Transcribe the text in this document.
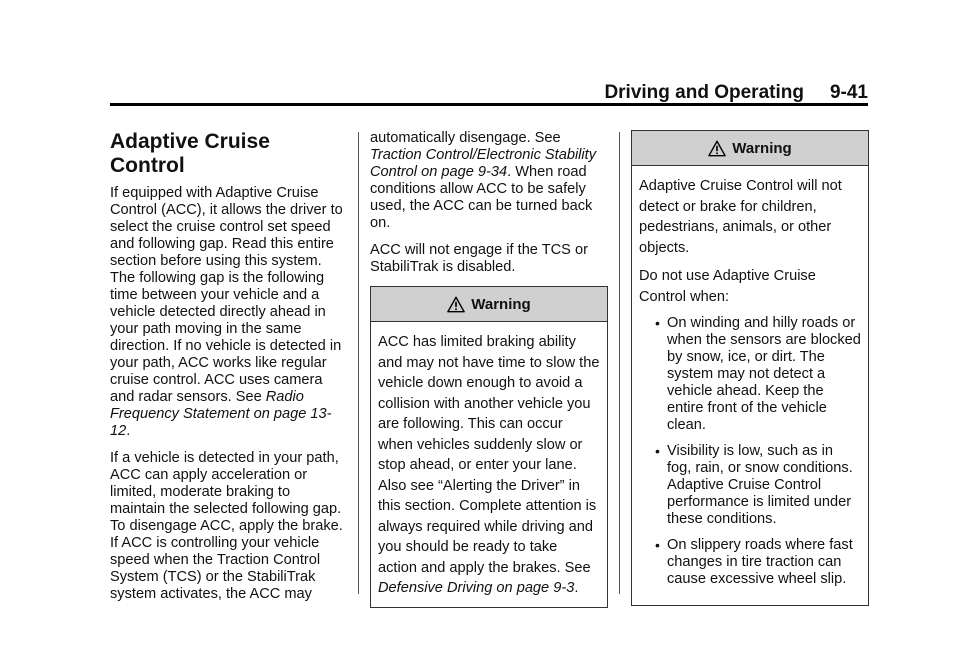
Driving and Operating 9-41
Adaptive Cruise Control

If equipped with Adaptive Cruise Control (ACC), it allows the driver to select the cruise control set speed and following gap. Read this entire section before using this system. The following gap is the following time between your vehicle and a vehicle detected directly ahead in your path moving in the same direction. If no vehicle is detected in your path, ACC works like regular cruise control. ACC uses camera and radar sensors. See Radio Frequency Statement on page 13-12.

If a vehicle is detected in your path, ACC can apply acceleration or limited, moderate braking to maintain the selected following gap. To disengage ACC, apply the brake. If ACC is controlling your vehicle speed when the Traction Control System (TCS) or the StabiliTrak system activates, the ACC may

automatically disengage. See Traction Control/Electronic Stability Control on page 9-34. When road conditions allow ACC to be safely used, the ACC can be turned back on.

ACC will not engage if the TCS or StabiliTrak is disabled.

Warning
ACC has limited braking ability and may not have time to slow the vehicle down enough to avoid a collision with another vehicle you are following. This can occur when vehicles suddenly slow or stop ahead, or enter your lane. Also see “Alerting the Driver” in this section. Complete attention is always required while driving and you should be ready to take action and apply the brakes. See Defensive Driving on page 9-3.
Warning

Adaptive Cruise Control will not detect or brake for children, pedestrians, animals, or other objects.

Do not use Adaptive Cruise Control when:

• On winding and hilly roads or when the sensors are blocked by snow, ice, or dirt. The system may not detect a vehicle ahead. Keep the entire front of the vehicle clean.
• Visibility is low, such as in fog, rain, or snow conditions. Adaptive Cruise Control performance is limited under these conditions.
• On slippery roads where fast changes in tire traction can cause excessive wheel slip.
